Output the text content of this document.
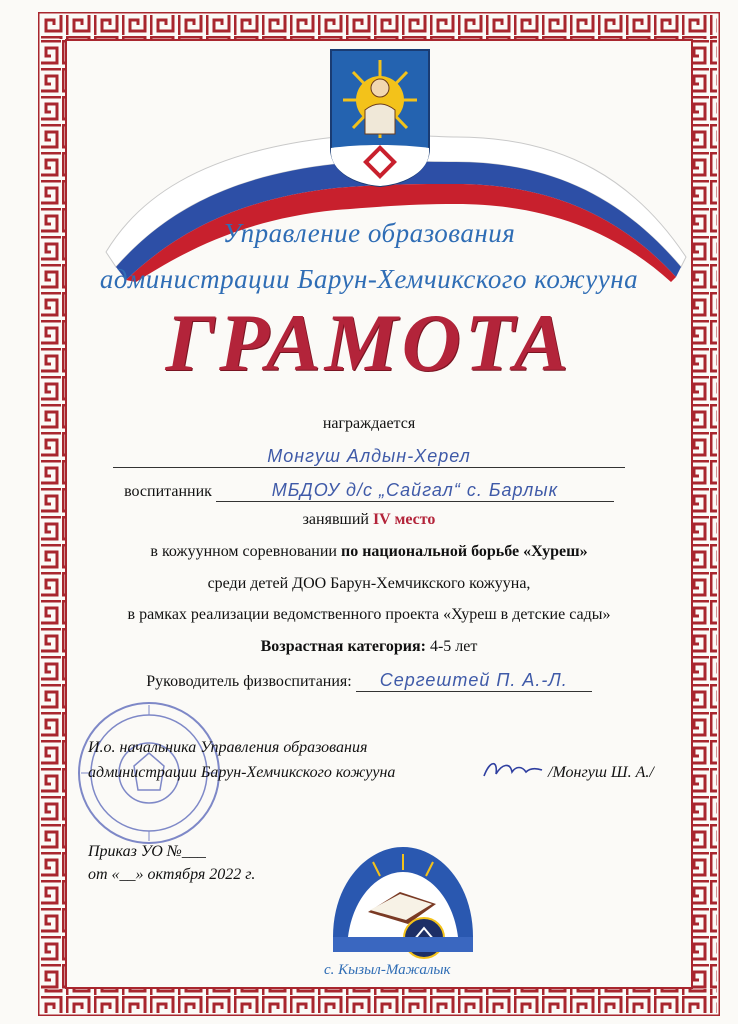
Управление образования
администрации Барун-Хемчикского кожууна
ГРАМОТА
награждается
Монгуш Алдын-Херел
воспитанник	МБДОУ д/с „Сайгал“ с. Барлык
занявший IV место
в кожуунном соревновании по национальной борьбе «Хуреш»
среди детей ДОО Барун-Хемчикского кожууна,
в рамках реализации ведомственного проекта «Хуреш в детские сады»
Возрастная категория: 4-5 лет
Руководитель физвоспитания: Сергештей П. А.-Л.
И.о. начальника Управления образования
администрации Барун-Хемчикского кожууна	/Монгуш Ш. А./
Приказ УО №___
от «__» октября 2022 г.
с. Кызыл-Мажалык
